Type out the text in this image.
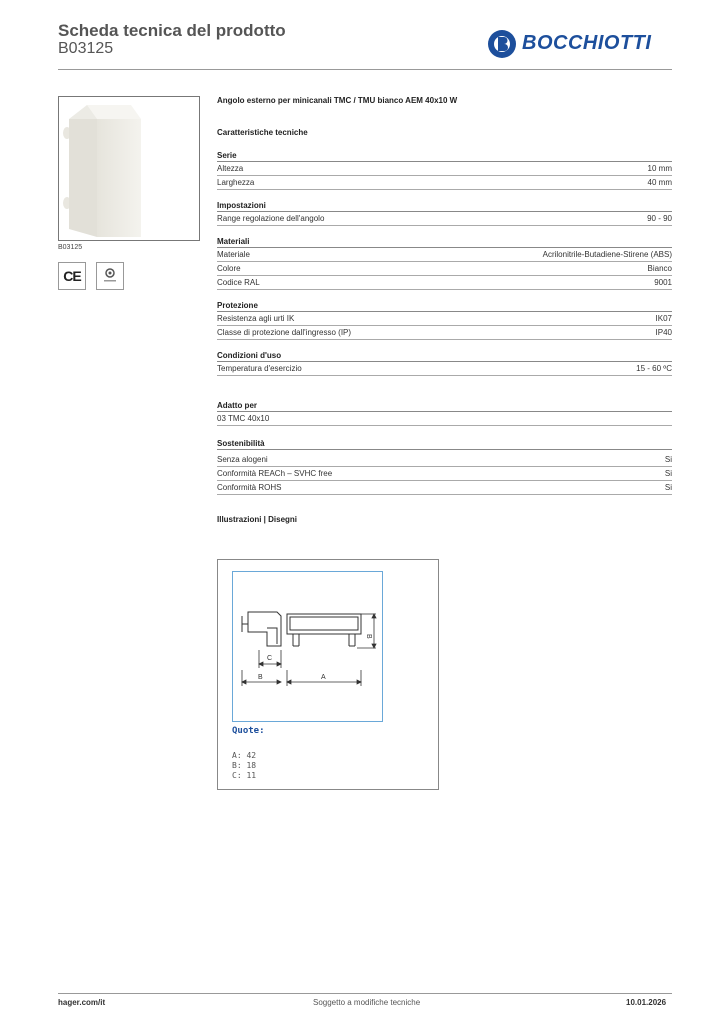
Scheda tecnica del prodotto
B03125	BOCCHIOTTI
B03125
CE
Angolo esterno per minicanali TMC / TMU bianco AEM 40x10 W
Caratteristiche tecniche
Serie
Altezza	10 mm
Larghezza	40 mm
Impostazioni
Range regolazione dell'angolo	90 - 90
Materiali
Materiale	Acrilonitrile-Butadiene-Stirene (ABS)
Colore	Bianco
Codice RAL	9001
Protezione
Resistenza agli urti IK	IK07
Classe di protezione dall'ingresso (IP)	IP40
Condizioni d'uso
Temperatura d'esercizio	15 - 60 ºC
Adatto per
03 TMC 40x10
Sostenibilità
Senza alogeni	Si
Conformità REACh – SVHC free	Si
Conformità ROHS	Si
Illustrazioni | Disegni
B
C
B	A
Quote:
A: 42
B: 18
C: 11
hager.com/it	Soggetto a modifiche tecniche	10.01.2026
